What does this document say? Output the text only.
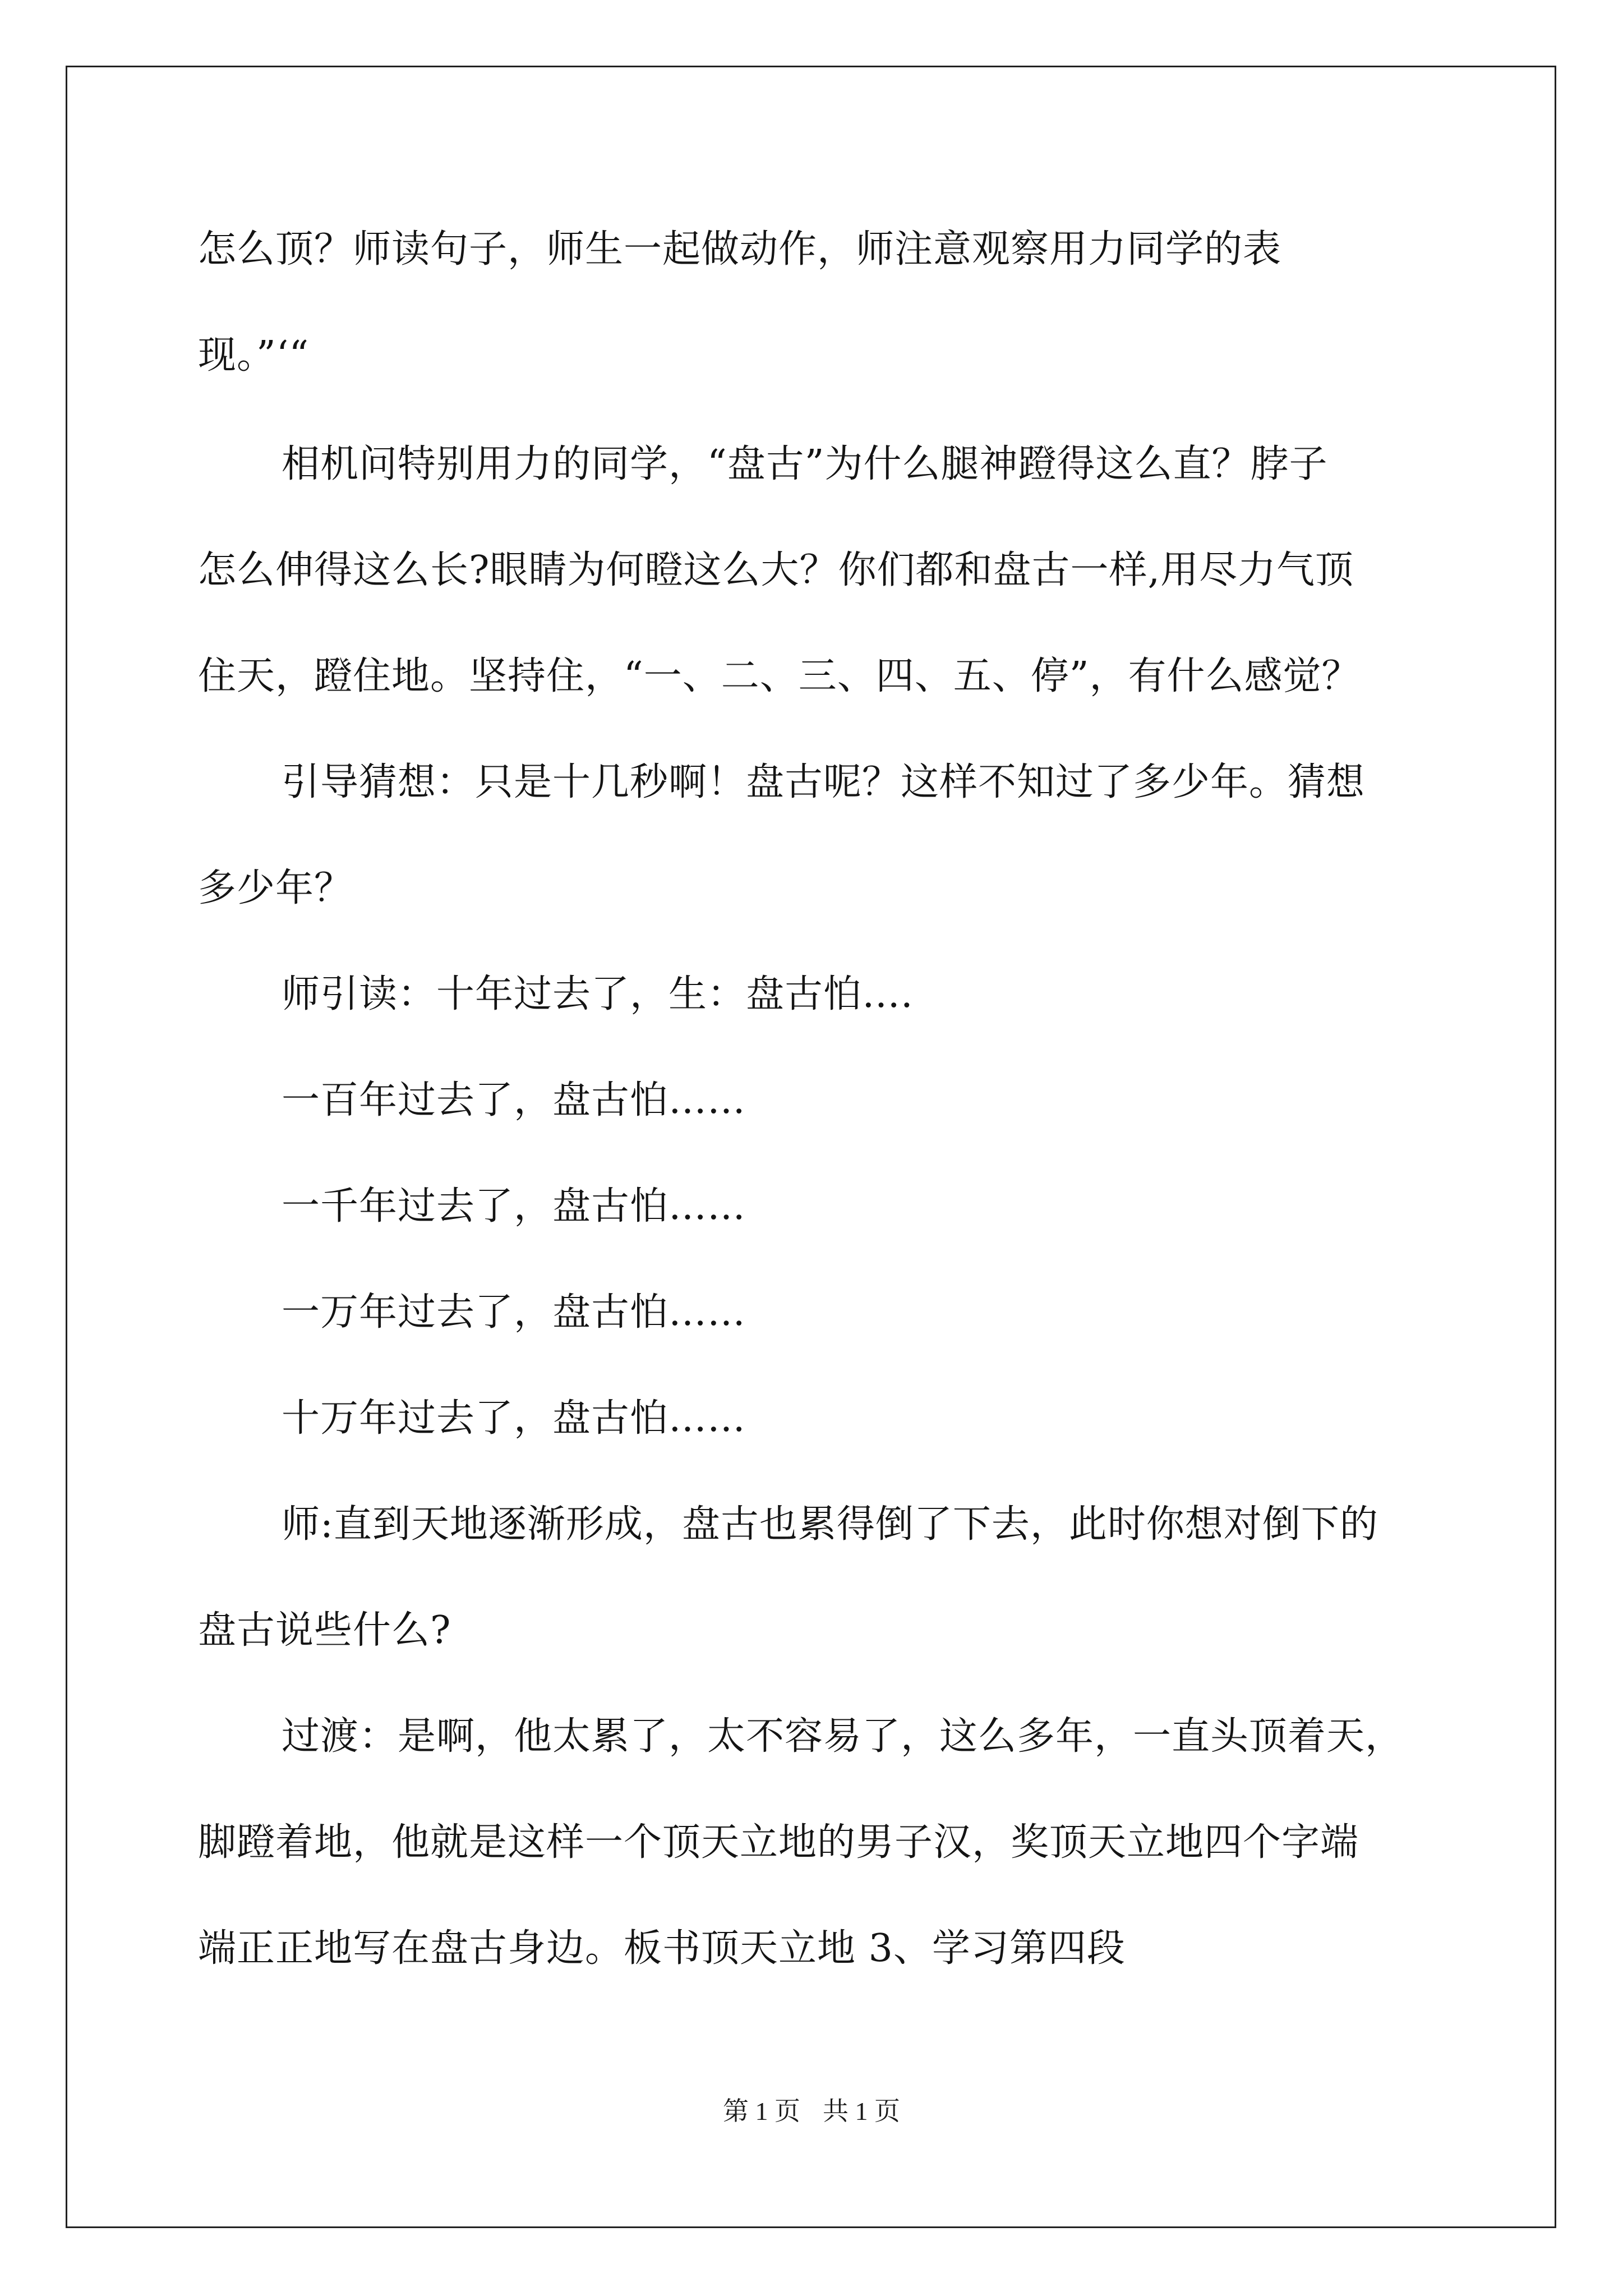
怎么顶？师读句子，师生一起做动作，师注意观察用力同学的表
现。”‘“
相机问特别用力的同学，“盘古”为什么腿神蹬得这么直？脖子
怎么伸得这么长?眼睛为何瞪这么大？你们都和盘古一样,用尽力气顶
住天，蹬住地。坚持住，“一、二、三、四、五、停”，有什么感觉？
引导猜想：只是十几秒啊！盘古呢？这样不知过了多少年。猜想
多少年？
师引读：十年过去了，生：盘古怕….
一百年过去了，盘古怕……
一千年过去了，盘古怕……
一万年过去了，盘古怕……
十万年过去了，盘古怕……
师:直到天地逐渐形成，盘古也累得倒了下去，此时你想对倒下的
盘古说些什么?
过渡：是啊，他太累了，太不容易了，这么多年，一直头顶着天，
脚蹬着地，他就是这样一个顶天立地的男子汉，奖顶天立地四个字端
端正正地写在盘古身边。板书顶天立地 3、学习第四段
第 1 页 共 1 页
